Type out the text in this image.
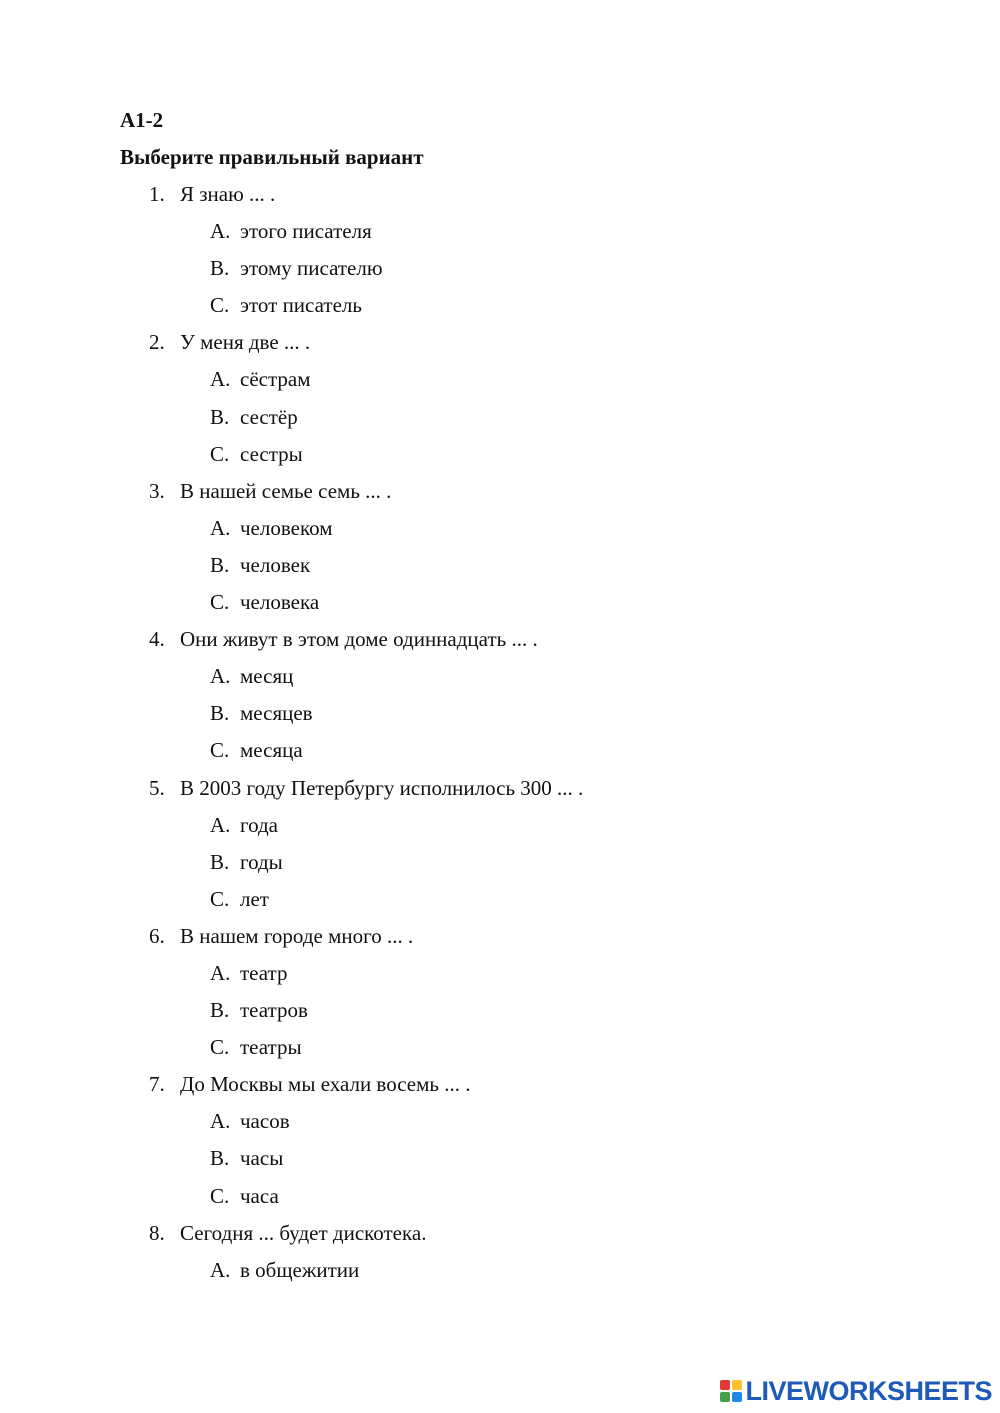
А1-2
Выберите правильный вариант
1. Я знаю ... .
А. этого писателя
В. этому писателю
С. этот писатель
2. У меня две ... .
А. сёстрам
В. сестёр
С. сестры
3. В нашей семье семь ... .
А. человеком
В. человек
С. человека
4. Они живут в этом доме одиннадцать ... .
А. месяц
В. месяцев
С. месяца
5. В 2003 году Петербургу исполнилось 300 ... .
А. года
В. годы
С. лет
6. В нашем городе много ... .
А. театр
В. театров
С. театры
7. До Москвы мы ехали восемь ... .
А. часов
В. часы
С. часа
8. Сегодня ... будет дискотека.
А. в общежитии
LIVEWORKSHEETS
